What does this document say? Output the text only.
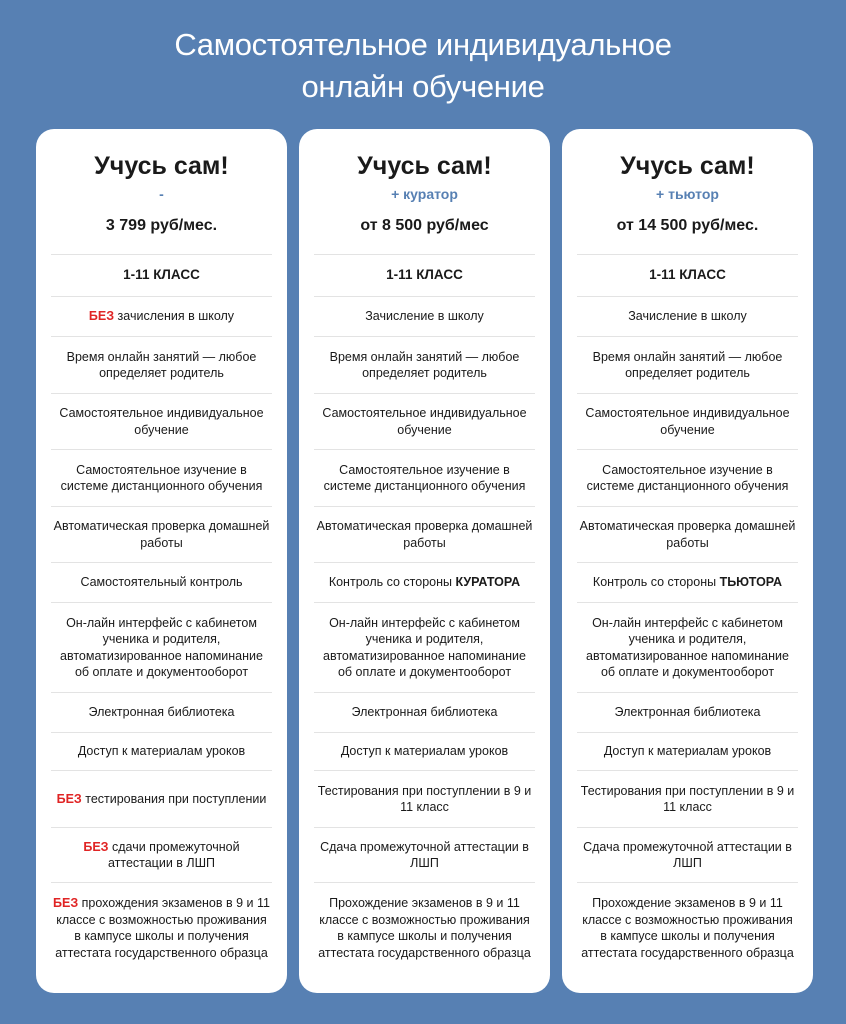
Самостоятельное индивидуальное
онлайн обучение
Учусь сам!
-
3 799 руб/мес.
1-11 КЛАСС
БЕЗ зачисления в школу
Время онлайн занятий — любое определяет родитель
Самостоятельное индивидуальное обучение
Самостоятельное изучение в системе дистанционного обучения
Автоматическая проверка домашней работы
Самостоятельный контроль
Он-лайн интерфейс с кабинетом ученика и родителя, автоматизированное напоминание об оплате и документооборот
Электронная библиотека
Доступ к материалам уроков
БЕЗ тестирования при поступлении
БЕЗ сдачи промежуточной аттестации в ЛШП
БЕЗ прохождения экзаменов в 9 и 11 классе с возможностью проживания в кампусе школы и получения аттестата государственного образца
Учусь сам!
+ куратор
от 8 500 руб/мес
1-11 КЛАСС
Зачисление в школу
Время онлайн занятий — любое определяет родитель
Самостоятельное индивидуальное обучение
Самостоятельное изучение в системе дистанционного обучения
Автоматическая проверка домашней работы
Контроль со стороны КУРАТОРА
Он-лайн интерфейс с кабинетом ученика и родителя, автоматизированное напоминание об оплате и документооборот
Электронная библиотека
Доступ к материалам уроков
Тестирования при поступлении в 9 и 11 класс
Сдача промежуточной аттестации в ЛШП
Прохождение экзаменов в 9 и 11 классе с возможностью проживания в кампусе школы и получения аттестата государственного образца
Учусь сам!
+ тьютор
от 14 500 руб/мес.
1-11 КЛАСС
Зачисление в школу
Время онлайн занятий — любое определяет родитель
Самостоятельное индивидуальное обучение
Самостоятельное изучение в системе дистанционного обучения
Автоматическая проверка домашней работы
Контроль со стороны ТЬЮТОРА
Он-лайн интерфейс с кабинетом ученика и родителя, автоматизированное напоминание об оплате и документооборот
Электронная библиотека
Доступ к материалам уроков
Тестирования при поступлении в 9 и 11 класс
Сдача промежуточной аттестации в ЛШП
Прохождение экзаменов в 9 и 11 классе с возможностью проживания в кампусе школы и получения аттестата государственного образца
